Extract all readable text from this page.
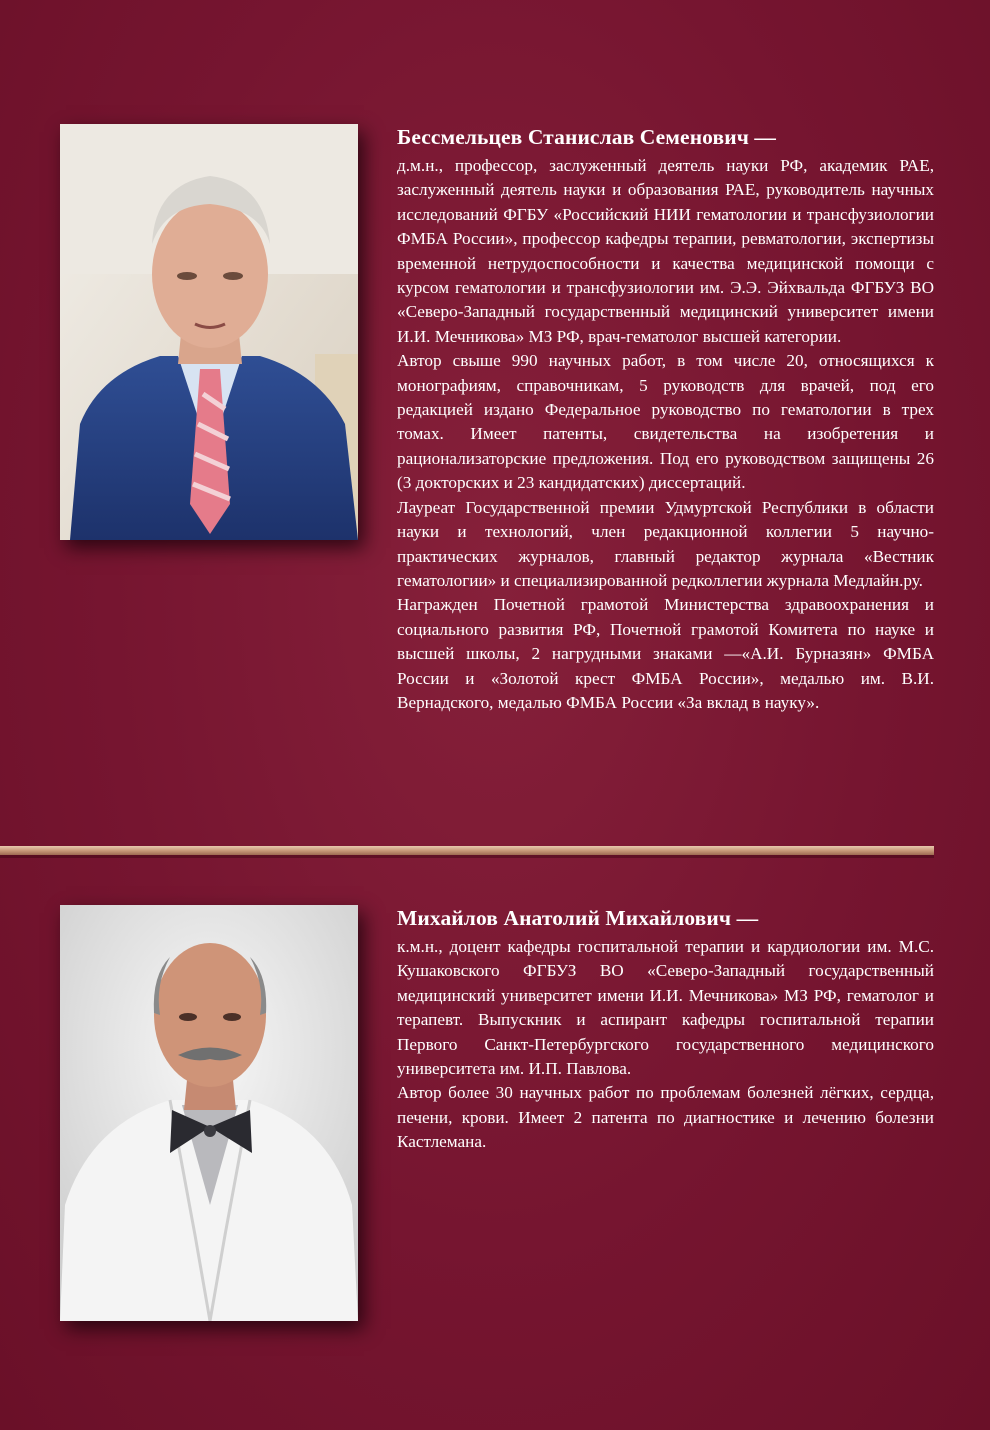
Бессмельцев Станислав Семенович —

д.м.н., профессор, заслуженный деятель науки РФ, академик РАЕ, заслуженный деятель науки и образования РАЕ, руководитель научных исследований ФГБУ «Российский НИИ гематологии и трансфузиологии ФМБА России», профессор кафедры терапии, ревматологии, экспертизы временной нетрудоспособности и качества медицинской помощи с курсом гематологии и трансфузиологии им. Э.Э. Эйхвальда ФГБУЗ ВО «Северо-Западный государственный медицинский университет имени И.И. Мечникова» МЗ РФ, врач-гематолог высшей категории.

Автор свыше 990 научных работ, в том числе 20, относящихся к монографиям, справочникам, 5 руководств для врачей, под его редакцией издано Федеральное руководство по гематологии в трех томах. Имеет патенты, свидетельства на изобретения и рационализаторские предложения. Под его руководством защищены 26 (3 докторских и 23 кандидатских) диссертаций.

Лауреат Государственной премии Удмуртской Республики в области науки и технологий, член редакционной коллегии 5 научно-практических журналов, главный редактор журнала «Вестник гематологии» и специализированной редколлегии журнала Медлайн.ру.

Награжден Почетной грамотой Министерства здравоохранения и социального развития РФ, Почетной грамотой Комитета по науке и высшей школы, 2 нагрудными знаками —«А.И. Бурназян» ФМБА России и «Золотой крест ФМБА России», медалью им. В.И. Вернадского, медалью ФМБА России «За вклад в науку».

Михайлов Анатолий Михайлович —

к.м.н., доцент кафедры госпитальной терапии и кардиологии им. М.С. Кушаковского ФГБУЗ ВО «Северо-Западный государственный медицинский университет имени И.И. Мечникова» МЗ РФ, гематолог и терапевт. Выпускник и аспирант кафедры госпитальной терапии Первого Санкт-Петербургского государственного медицинского университета им. И.П. Павлова.

Автор более 30 научных работ по проблемам болезней лёгких, сердца, печени, крови. Имеет 2 патента по диагностике и лечению болезни Кастлемана.
